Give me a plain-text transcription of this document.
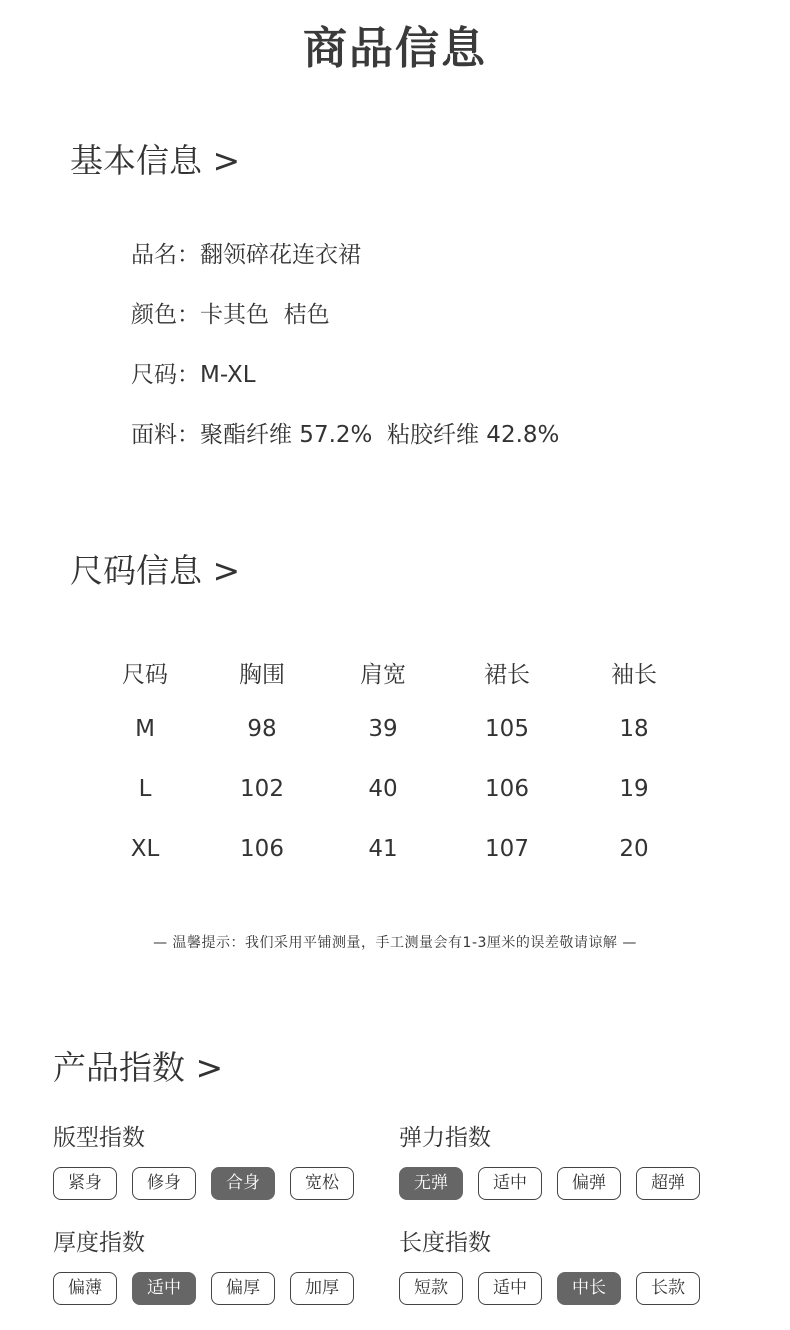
商品信息
基本信息 >
品名：翻领碎花连衣裙
颜色：卡其色  桔色
尺码：M-XL
面料：聚酯纤维 57.2%  粘胶纤维 42.8%
尺码信息 >
尺码	胸围	肩宽	裙长	袖长
M	98	39	105	18
L	102	40	106	19
XL	106	41	107	20
— 温馨提示：我们采用平铺测量，手工测量会有1-3厘米的误差敬请谅解 —
产品指数 >
版型指数
紧身	修身	合身	宽松
弹力指数
无弹	适中	偏弹	超弹
厚度指数
偏薄	适中	偏厚	加厚
长度指数
短款	适中	中长	长款
